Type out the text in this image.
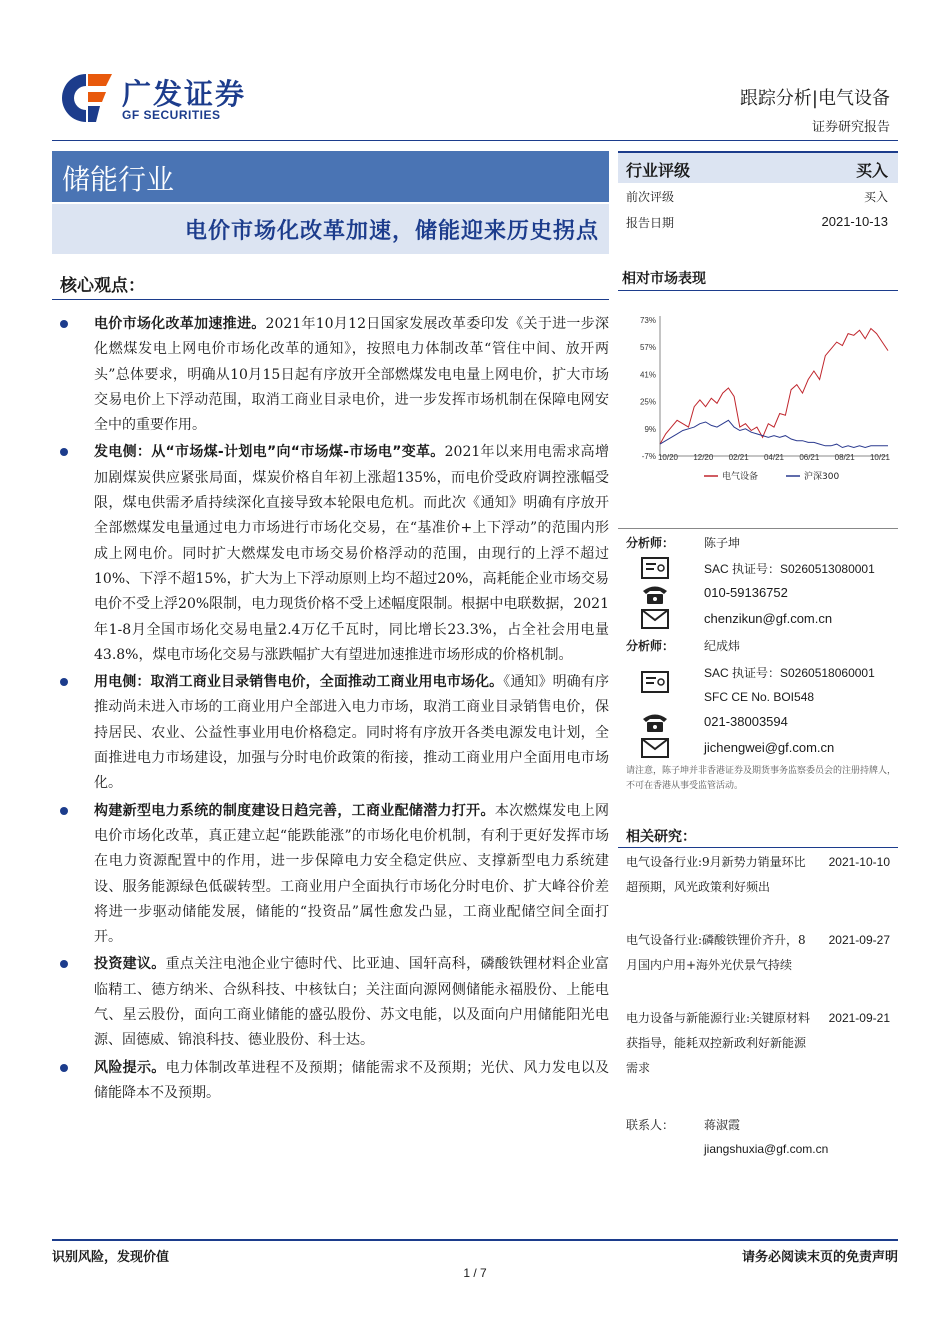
广发证券
GF SECURITIES
跟踪分析|电气设备
证券研究报告
储能行业
电价市场化改革加速，储能迎来历史拐点
行业评级	买入
前次评级	买入
报告日期	2021-10-13
核心观点：
电价市场化改革加速推进。2021年10月12日国家发展改革委印发《关于进一步深化燃煤发电上网电价市场化改革的通知》，按照电力体制改革“管住中间、放开两头”总体要求，明确从10月15日起有序放开全部燃煤发电电量上网电价，扩大市场交易电价上下浮动范围，取消工商业目录电价，进一步发挥市场机制在保障电网安全中的重要作用。
发电侧：从“市场煤-计划电”向“市场煤-市场电”变革。2021年以来用电需求高增加剧煤炭供应紧张局面，煤炭价格自年初上涨超135%，而电价受政府调控涨幅受限，煤电供需矛盾持续深化直接导致本轮限电危机。而此次《通知》明确有序放开全部燃煤发电量通过电力市场进行市场化交易，在“基准价+上下浮动”的范围内形成上网电价。同时扩大燃煤发电市场交易价格浮动的范围，由现行的上浮不超过10%、下浮不超15%，扩大为上下浮动原则上均不超过20%，高耗能企业市场交易电价不受上浮20%限制，电力现货价格不受上述幅度限制。根据中电联数据，2021年1-8月全国市场化交易电量2.4万亿千瓦时，同比增长23.3%，占全社会用电量43.8%，煤电市场化交易与涨跌幅扩大有望进加速推进市场形成的价格机制。
用电侧：取消工商业目录销售电价，全面推动工商业用电市场化。《通知》明确有序推动尚未进入市场的工商业用户全部进入电力市场，取消工商业目录销售电价，保持居民、农业、公益性事业用电价格稳定。同时将有序放开各类电源发电计划，全面推进电力市场建设，加强与分时电价政策的衔接，推动工商业用户全面用电市场化。
构建新型电力系统的制度建设日趋完善，工商业配储潜力打开。本次燃煤发电上网电价市场化改革，真正建立起“能跌能涨”的市场化电价机制，有利于更好发挥市场在电力资源配置中的作用，进一步保障电力安全稳定供应、支撑新型电力系统建设、服务能源绿色低碳转型。工商业用户全面执行市场化分时电价、扩大峰谷价差将进一步驱动储能发展，储能的“投资品”属性愈发凸显，工商业配储空间全面打开。
投资建议。重点关注电池企业宁德时代、比亚迪、国轩高科，磷酸铁锂材料企业富临精工、德方纳米、合纵科技、中核钛白；关注面向源网侧储能永福股份、上能电气、星云股份，面向工商业储能的盛弘股份、苏文电能，以及面向户用储能阳光电源、固德威、锦浪科技、德业股份、科士达。
风险提示。电力体制改革进程不及预期；储能需求不及预期；光伏、风力发电以及储能降本不及预期。
相对市场表现
73%
57%
41%
25%
9%
-7% 10/20 12/20 02/21 04/21 06/21 08/21 10/21
电气设备	沪深300
分析师： 陈子坤
SAC 执证号：S0260513080001
010-59136752
chenzikun@gf.com.cn
分析师： 纪成炜
SAC 执证号：S0260518060001
SFC CE No. BOI548
021-38003594
jichengwei@gf.com.cn
请注意，陈子坤并非香港证券及期货事务监察委员会的注册持牌人，不可在香港从事受监管活动。
相关研究：
电气设备行业:9月新势力销量环比超预期，风光政策利好频出
2021-10-10
电气设备行业:磷酸铁锂价齐升，8月国内户用+海外光伏景气持续
2021-09-27
电力设备与新能源行业:关键原材料获指导，能耗双控新政利好新能源需求
2021-09-21
联系人： 蒋淑霞
jiangshuxia@gf.com.cn
识别风险，发现价值	请务必阅读末页的免责声明
1 / 7
